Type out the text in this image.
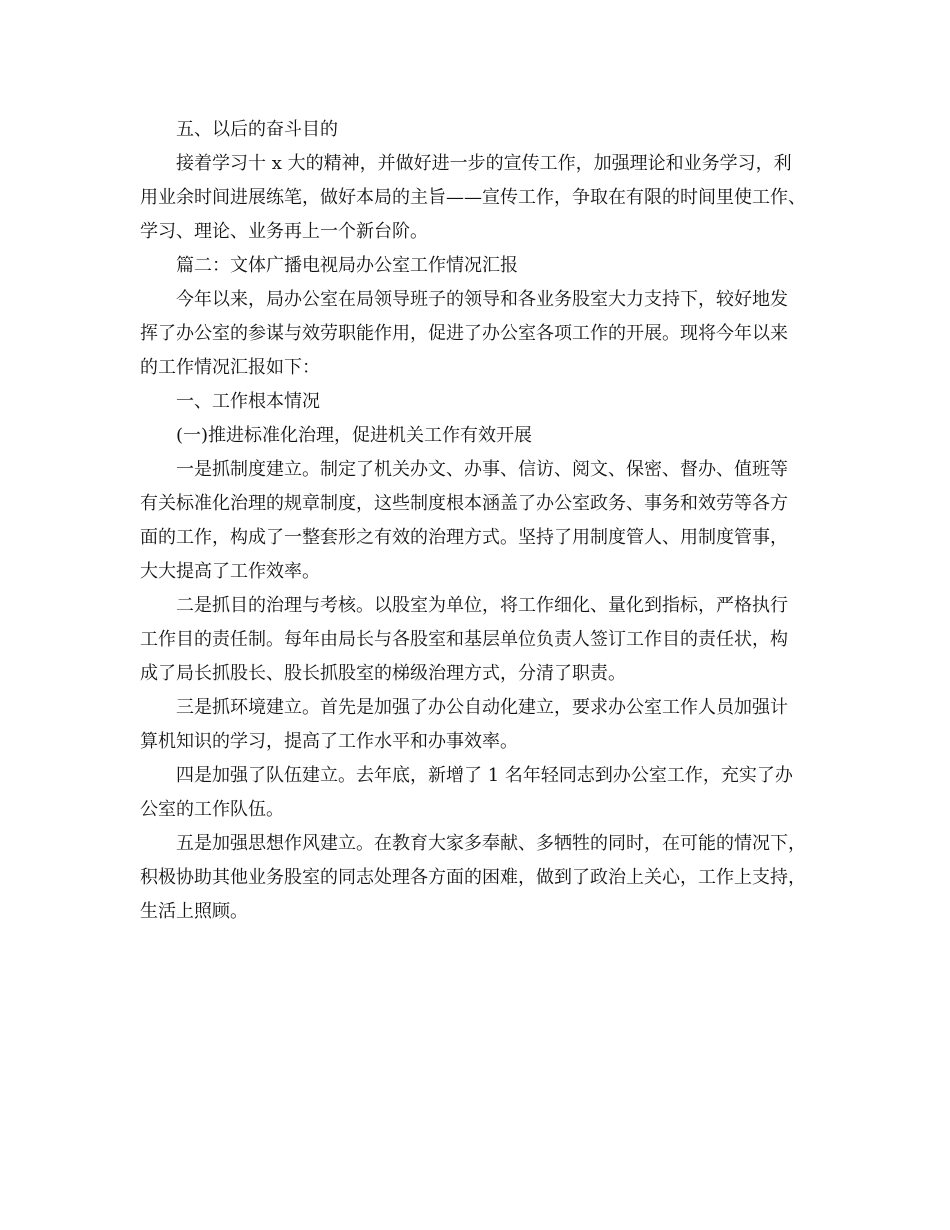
五、以后的奋斗目的
接着学习十 x 大的精神，并做好进一步的宣传工作，加强理论和业务学习，利
用业余时间进展练笔，做好本局的主旨——宣传工作，争取在有限的时间里使工作、
学习、理论、业务再上一个新台阶。
篇二：文体广播电视局办公室工作情况汇报
今年以来，局办公室在局领导班子的领导和各业务股室大力支持下，较好地发
挥了办公室的参谋与效劳职能作用，促进了办公室各项工作的开展。现将今年以来
的工作情况汇报如下：
一、工作根本情况
(一)推进标准化治理，促进机关工作有效开展
一是抓制度建立。制定了机关办文、办事、信访、阅文、保密、督办、值班等
有关标准化治理的规章制度，这些制度根本涵盖了办公室政务、事务和效劳等各方
面的工作，构成了一整套形之有效的治理方式。坚持了用制度管人、用制度管事，
大大提高了工作效率。
二是抓目的治理与考核。以股室为单位，将工作细化、量化到指标，严格执行
工作目的责任制。每年由局长与各股室和基层单位负责人签订工作目的责任状，构
成了局长抓股长、股长抓股室的梯级治理方式，分清了职责。
三是抓环境建立。首先是加强了办公自动化建立，要求办公室工作人员加强计
算机知识的学习，提高了工作水平和办事效率。
四是加强了队伍建立。去年底，新增了 1 名年轻同志到办公室工作，充实了办
公室的工作队伍。
五是加强思想作风建立。在教育大家多奉献、多牺牲的同时，在可能的情况下，
积极协助其他业务股室的同志处理各方面的困难，做到了政治上关心，工作上支持，
生活上照顾。
